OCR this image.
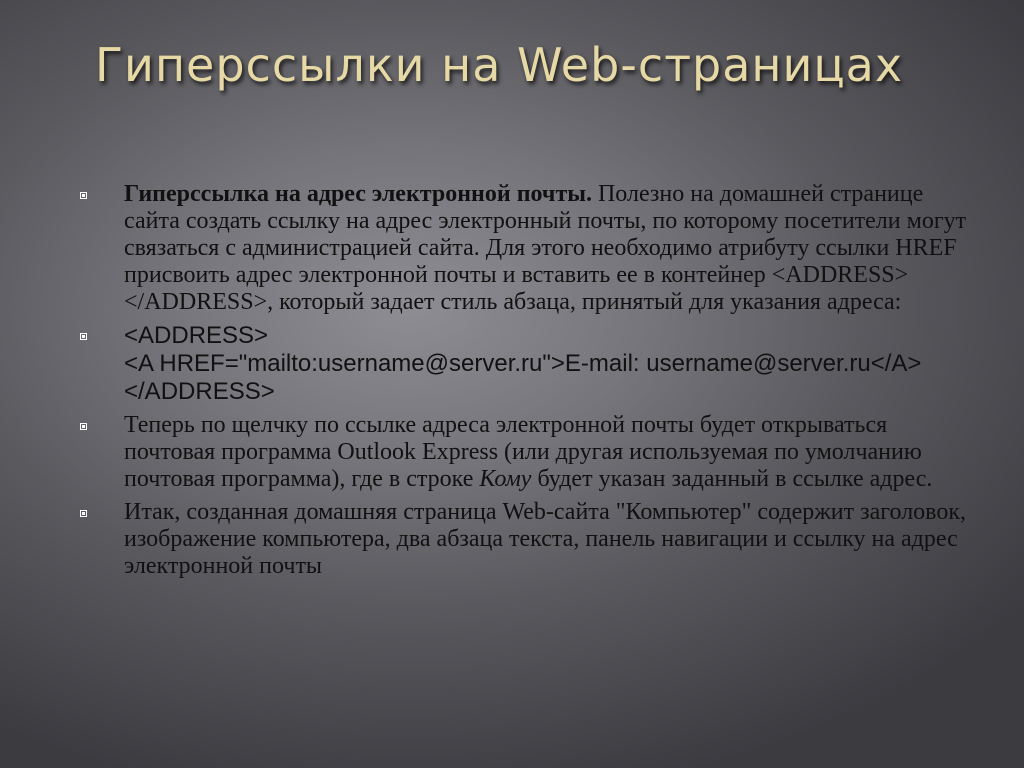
Гиперссылки на Web-страницах
Гиперссылка на адрес электронной почты. Полезно на домашней странице сайта создать ссылку на адрес электронный почты, по которому посетители могут связаться с администрацией сайта. Для этого необходимо атрибуту ссылки HREF присвоить адрес электронной почты и вставить ее в контейнер <ADDRESS></ADDRESS>, который задает стиль абзаца, принятый для указания адреса:
<ADDRESS>
<A HREF="mailto:username@server.ru">E-mail: username@server.ru</A>
</ADDRESS>
Теперь по щелчку по ссылке адреса электронной почты будет открываться почтовая программа Outlook Express (или другая используемая по умолчанию почтовая программа), где в строке Кому будет указан заданный в ссылке адрес.
Итак, созданная домашняя страница Web-сайта "Компьютер" содержит заголовок, изображение компьютера, два абзаца текста, панель навигации и ссылку на адрес электронной почты
